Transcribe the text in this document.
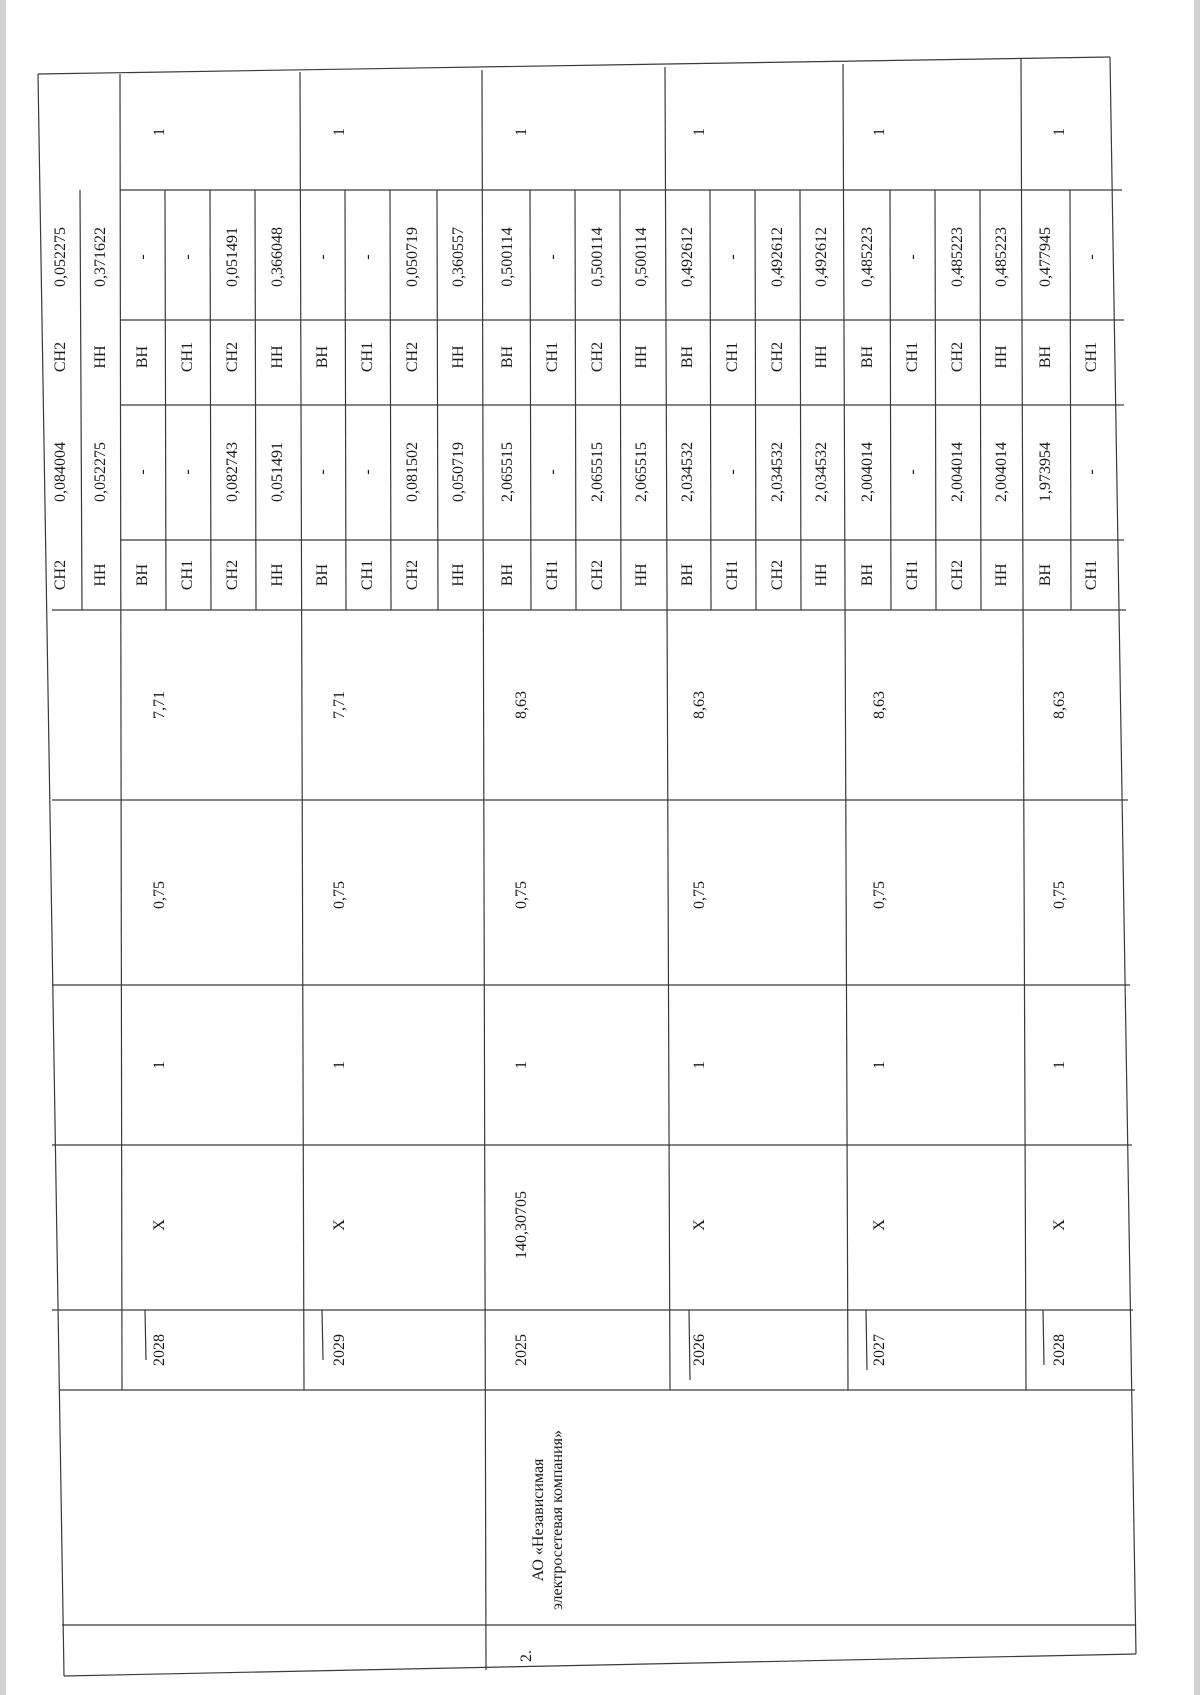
СН2
0,084004
СН2
0,052275
НН
0,052275
НН
0,371622
2028
X
1
0,75
7,71
1
ВН
-
ВН
-
СН1
-
СН1
-
СН2
0,082743
СН2
0,051491
НН
0,051491
НН
0,366048
2029
X
1
0,75
7,71
1
ВН
-
ВН
-
СН1
-
СН1
-
СН2
0,081502
СН2
0,050719
НН
0,050719
НН
0,360557
2025
140,30705
1
0,75
8,63
1
ВН
2,065515
ВН
0,500114
СН1
-
СН1
-
СН2
2,065515
СН2
0,500114
НН
2,065515
НН
0,500114
2026
X
1
0,75
8,63
1
ВН
2,034532
ВН
0,492612
СН1
-
СН1
-
СН2
2,034532
СН2
0,492612
НН
2,034532
НН
0,492612
2027
X
1
0,75
8,63
1
ВН
2,004014
ВН
0,485223
СН1
-
СН1
-
СН2
2,004014
СН2
0,485223
НН
2,004014
НН
0,485223
2028
X
1
0,75
8,63
1
ВН
1,973954
ВН
0,477945
СН1
-
СН1
-
2.
АО «Независимая электросетевая компания»
